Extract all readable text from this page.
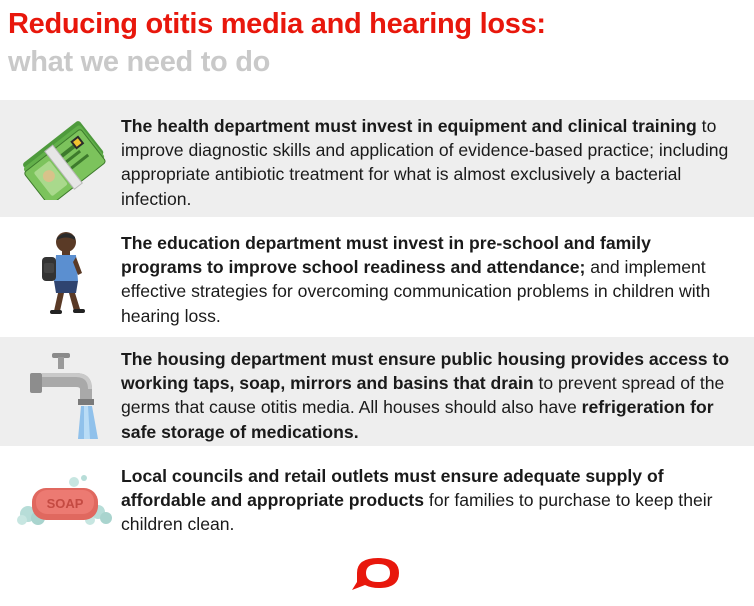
Reducing otitis media and hearing loss:
what we need to do

The health department must invest in equipment and clinical training to improve diagnostic skills and application of evidence-based practice; including appropriate antibiotic treatment for what is almost exclusively a bacterial infection.

The education department must invest in pre-school and family programs to improve school readiness and attendance; and implement effective strategies for overcoming communication problems in children with hearing loss.

The housing department must ensure public housing provides access to working taps, soap, mirrors and basins that drain to prevent spread of the germs that cause otitis media. All houses should also have refrigeration for safe storage of medications.

SOAP

Local councils and retail outlets must ensure adequate supply of affordable and appropriate products for families to purchase to keep their children clean.
